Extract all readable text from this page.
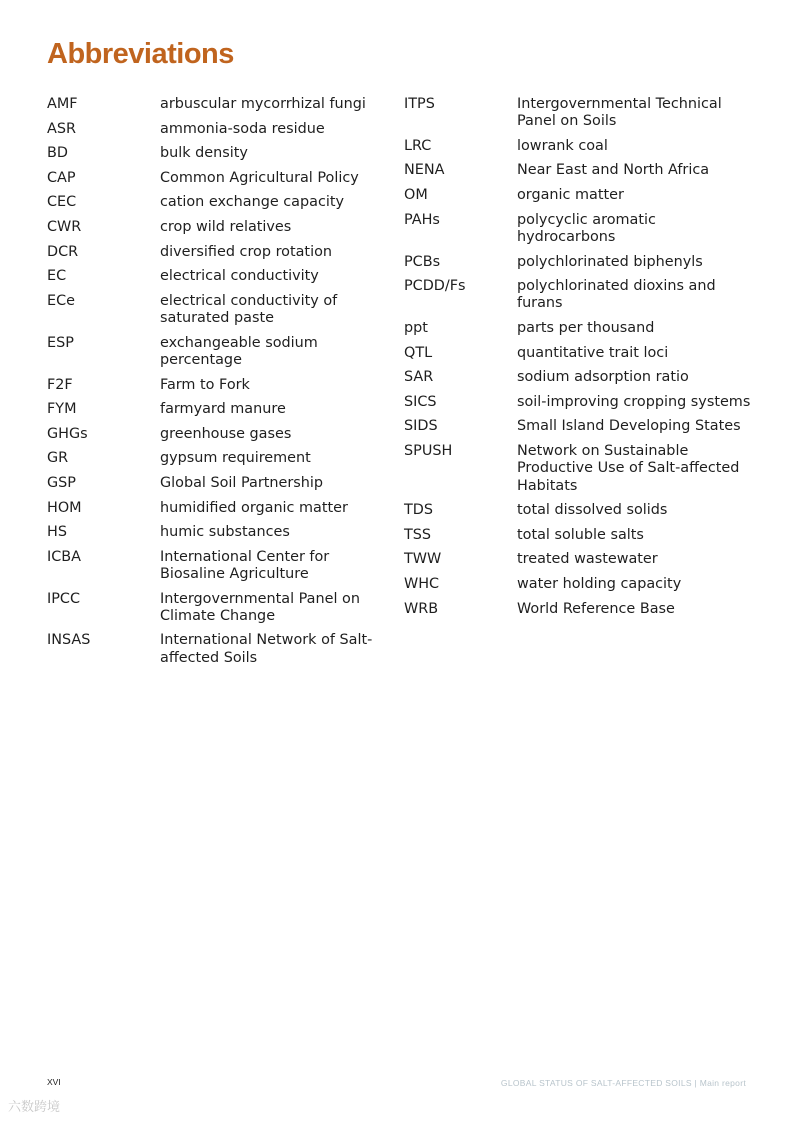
Abbreviations
AMF	arbuscular mycorrhizal fungi
ASR	ammonia-soda residue
BD	bulk density
CAP	Common Agricultural Policy
CEC	cation exchange capacity
CWR	crop wild relatives
DCR	diversified crop rotation
EC	electrical conductivity
ECe	electrical conductivity of saturated paste
ESP	exchangeable sodium percentage
F2F	Farm to Fork
FYM	farmyard manure
GHGs	greenhouse gases
GR	gypsum requirement
GSP	Global Soil Partnership
HOM	humidified organic matter
HS	humic substances
ICBA	International Center for Biosaline Agriculture
IPCC	Intergovernmental Panel on Climate Change
INSAS	International Network of Salt-affected Soils
ITPS	Intergovernmental Technical Panel on Soils
LRC	lowrank coal
NENA	Near East and North Africa
OM	organic matter
PAHs	polycyclic aromatic hydrocarbons
PCBs	polychlorinated biphenyls
PCDD/Fs	polychlorinated dioxins and furans
ppt	parts per thousand
QTL	quantitative trait loci
SAR	sodium adsorption ratio
SICS	soil-improving cropping systems
SIDS	Small Island Developing States
SPUSH	Network on Sustainable Productive Use of Salt-affected Habitats
TDS	total dissolved solids
TSS	total soluble salts
TWW	treated wastewater
WHC	water holding capacity
WRB	World Reference Base
XVI	GLOBAL STATUS OF SALT-AFFECTED SOILS | Main report
六数跨境
